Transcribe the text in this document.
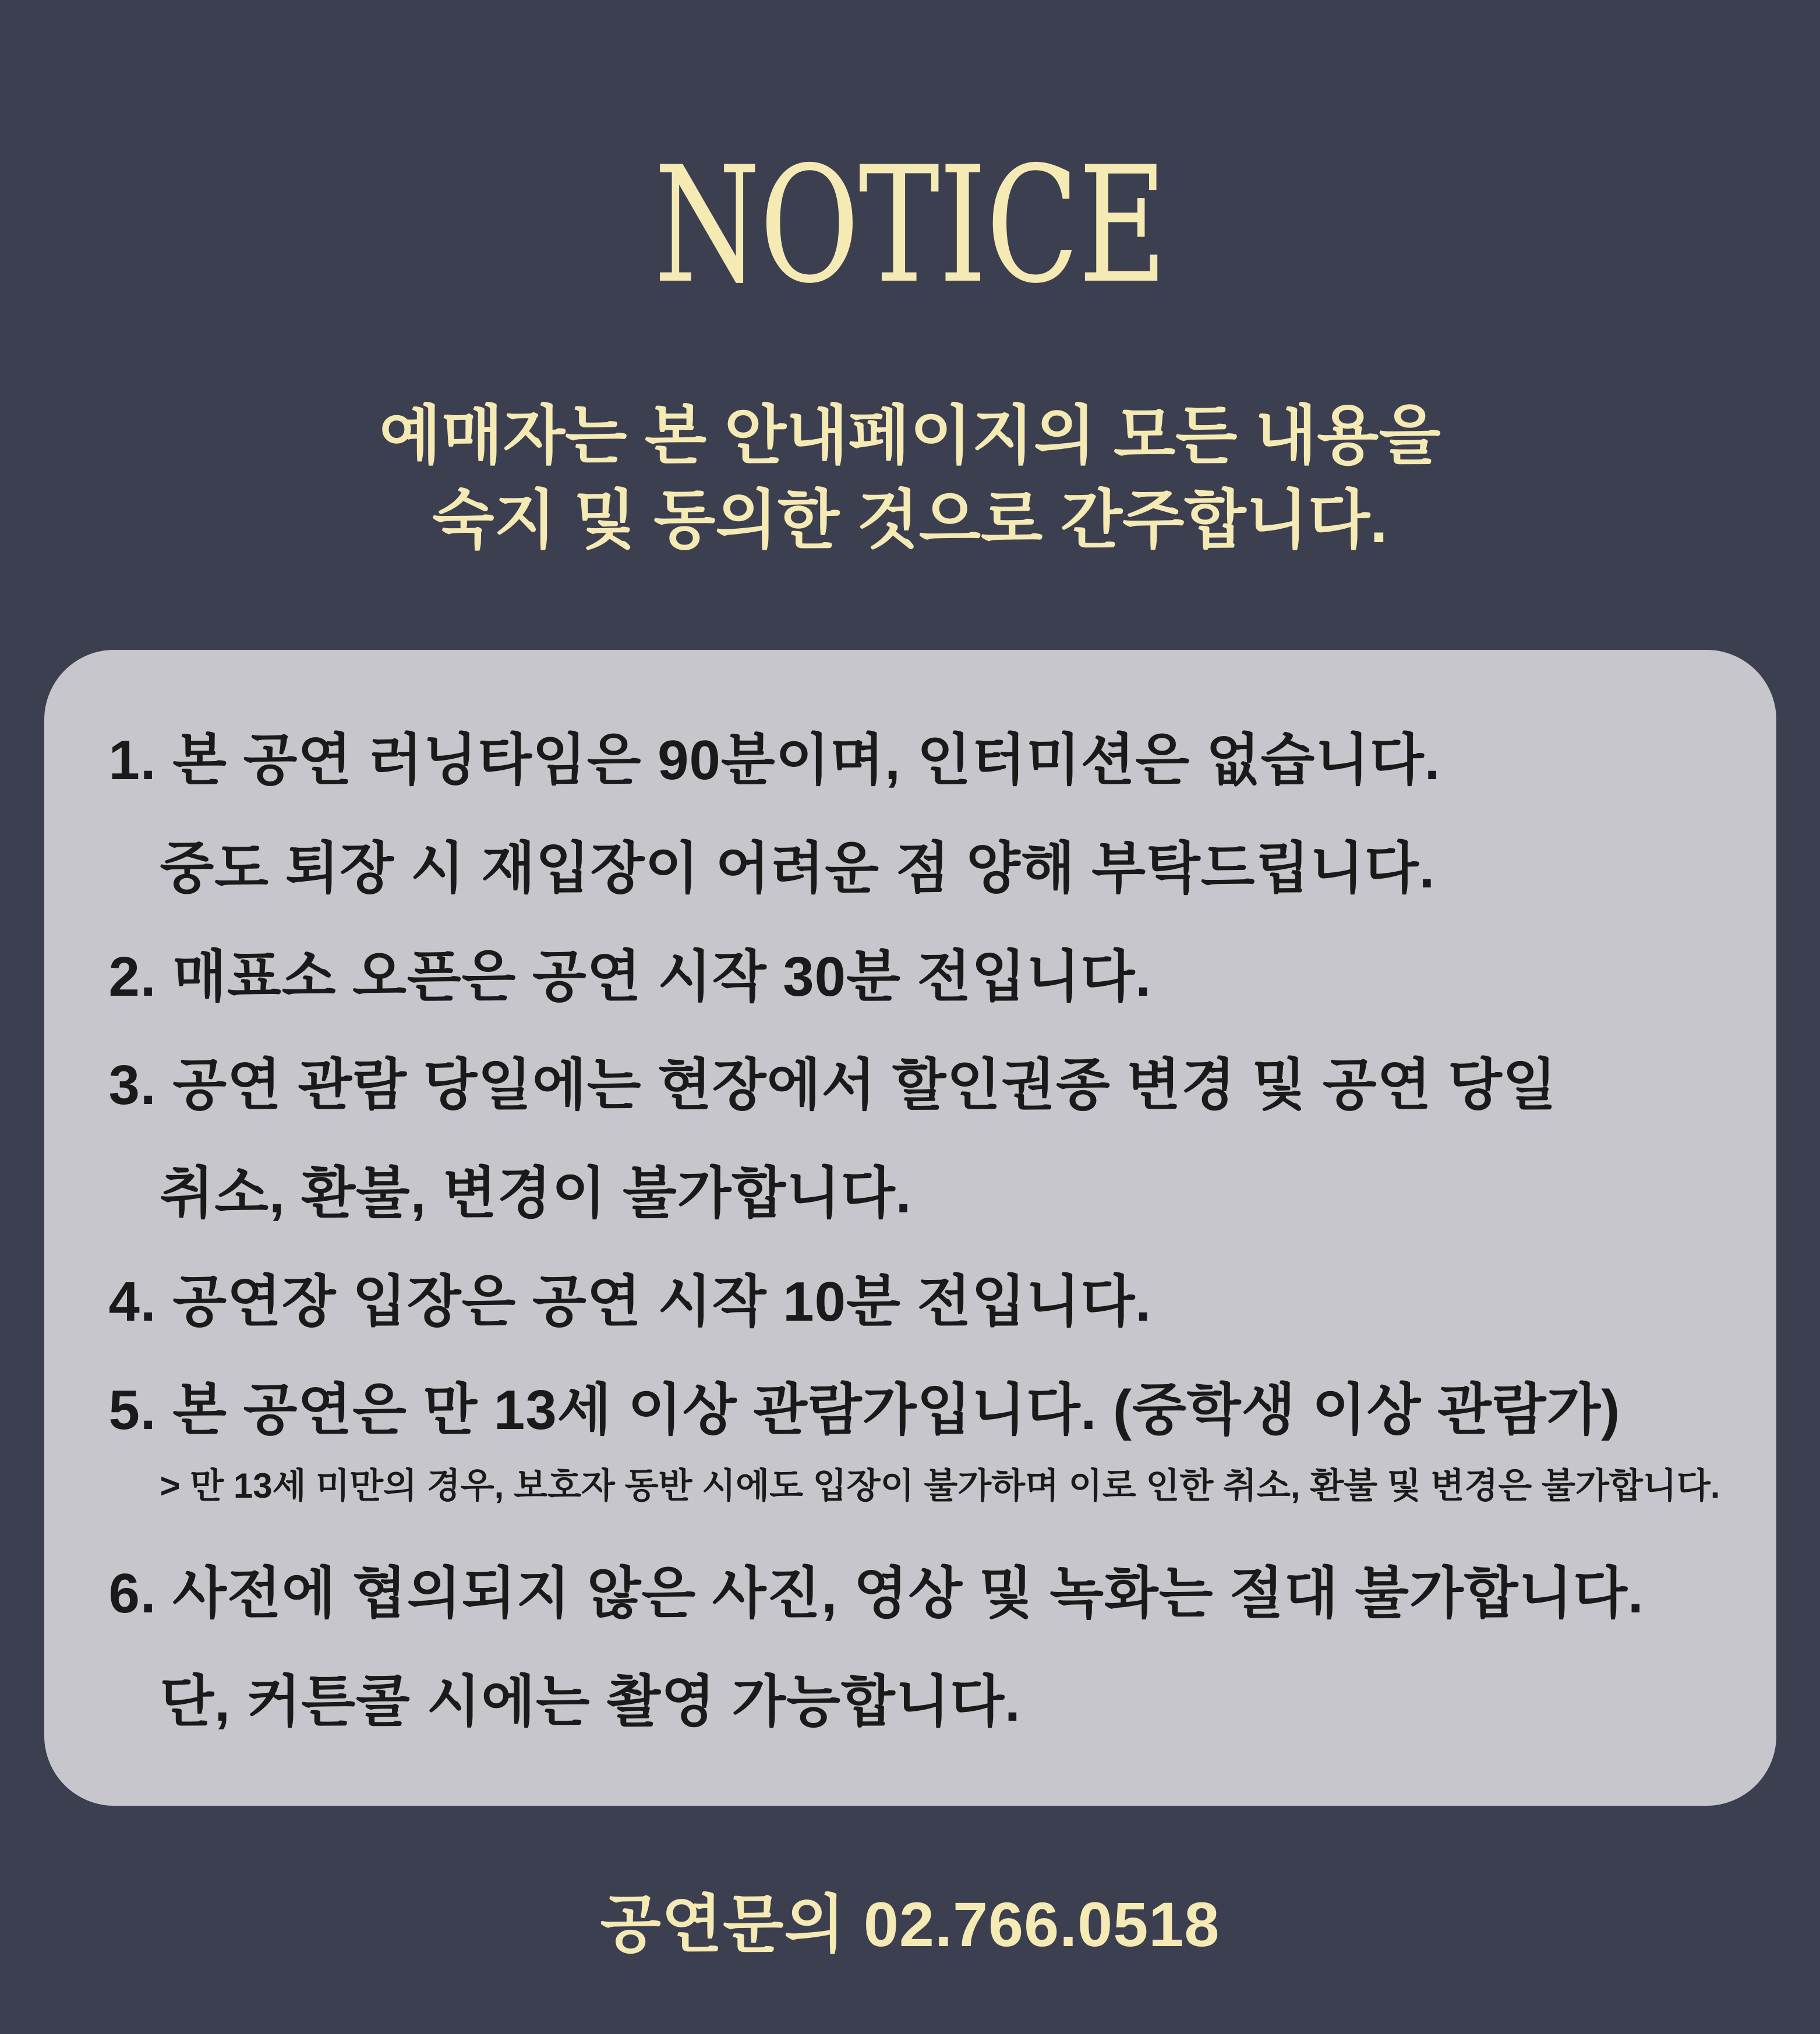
NOTICE
예매자는 본 안내페이지의 모든 내용을
숙지 및 동의한 것으로 간주합니다.
1. 본 공연 러닝타임은 90분이며, 인터미션은 없습니다.
중도 퇴장 시 재입장이 어려운 점 양해 부탁드립니다.
2. 매표소 오픈은 공연 시작 30분 전입니다.
3. 공연 관람 당일에는 현장에서 할인권종 변경 및 공연 당일
취소, 환불, 변경이 불가합니다.
4. 공연장 입장은 공연 시작 10분 전입니다.
5. 본 공연은 만 13세 이상 관람가입니다. (중학생 이상 관람가)
> 만 13세 미만의 경우, 보호자 동반 시에도 입장이 불가하며 이로 인한 취소, 환불 및 변경은 불가합니다.
6. 사전에 협의되지 않은 사진, 영상 및 녹화는 절대 불가합니다.
단, 커튼콜 시에는 촬영 가능합니다.
공연문의 02.766.0518
